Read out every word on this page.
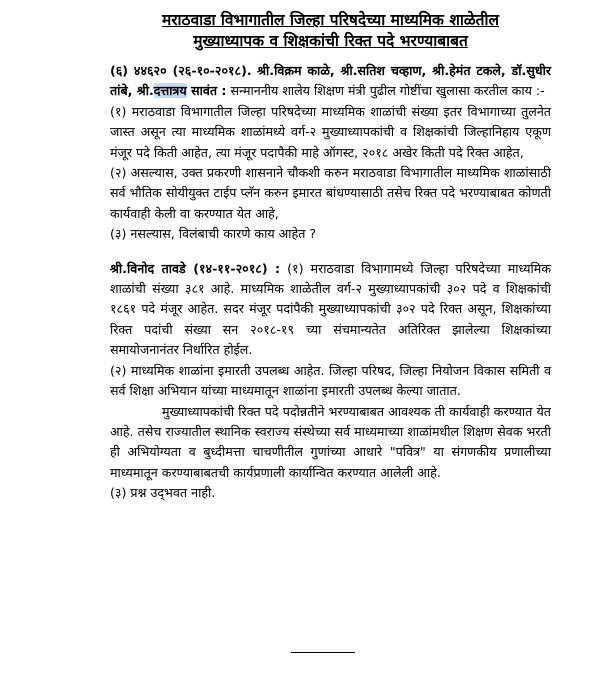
मराठवाडा विभागातील जिल्हा परिषदेच्या माध्यमिक शाळेतील
मुख्याध्यापक व शिक्षकांची रिक्त पदे भरण्याबाबत

(६) ४४६२० (२६-१०-२०१८). श्री.विक्रम काळे, श्री.सतिश चव्हाण, श्री.हेमंत टकले, डॉ.सुधीर तांबे, श्री.दत्तात्रय सावंत : सन्माननीय शालेय शिक्षण मंत्री पुढील गोष्टींचा खुलासा करतील काय :-

(१) मराठवाडा विभागातील जिल्हा परिषदेच्या माध्यमिक शाळांची संख्या इतर विभागाच्या तुलनेत जास्त असून त्या माध्यमिक शाळांमध्ये वर्ग-२ मुख्याध्यापकांची व शिक्षकांची जिल्हानिहाय एकूण मंजूर पदे किती आहेत, त्या मंजूर पदापैकी माहे ऑगस्ट, २०१८ अखेर किती पदे रिक्त आहेत,

(२) असल्यास, उक्त प्रकरणी शासनाने चौकशी करुन मराठवाडा विभागातील माध्यमिक शाळांसाठी सर्व भौतिक सोयीयुक्त टाईप प्लॅन करुन इमारत बांधण्यासाठी तसेच रिक्त पदे भरण्याबाबत कोणती कार्यवाही केली वा करण्यात येत आहे,

(३) नसल्यास, विलंबाची कारणे काय आहेत ?

श्री.विनोद तावडे (१४-११-२०१८) : (१) मराठवाडा विभागामध्ये जिल्हा परिषदेच्या माध्यमिक शाळांची संख्या ३८१ आहे. माध्यमिक शाळेतील वर्ग-२ मुख्याध्यापकांची ३०२ पदे व शिक्षकांची १८६१ पदे मंजूर आहेत. सदर मंजूर पदांपैकी मुख्याध्यापकांची ३०२ पदे रिक्त असून, शिक्षकांच्या रिक्त पदांची संख्या सन २०१८-१९ च्या संचमान्यतेत अतिरिक्त झालेल्या शिक्षकांच्या समायोजनानंतर निर्धारित होईल.

(२) माध्यमिक शाळांना इमारती उपलब्ध आहेत. जिल्हा परिषद, जिल्हा नियोजन विकास समिती व सर्व शिक्षा अभियान यांच्या माध्यमातून शाळांना इमारती उपलब्ध केल्या जातात.

मुख्याध्यापकांची रिक्त पदे पदोन्नतीने भरण्याबाबत आवश्यक ती कार्यवाही करण्यात येत आहे. तसेच राज्यातील स्थानिक स्वराज्य संस्थेच्या सर्व माध्यमाच्या शाळांमधील शिक्षण सेवक भरती ही अभियोग्यता व बुध्दीमत्ता चाचणीतील गुणांच्या आधारे "पवित्र" या संगणकीय प्रणालीच्या माध्यमातून करण्याबाबतची कार्यप्रणाली कार्यान्वित करण्यात आलेली आहे.

(३) प्रश्न उद्‌भवत नाही.
